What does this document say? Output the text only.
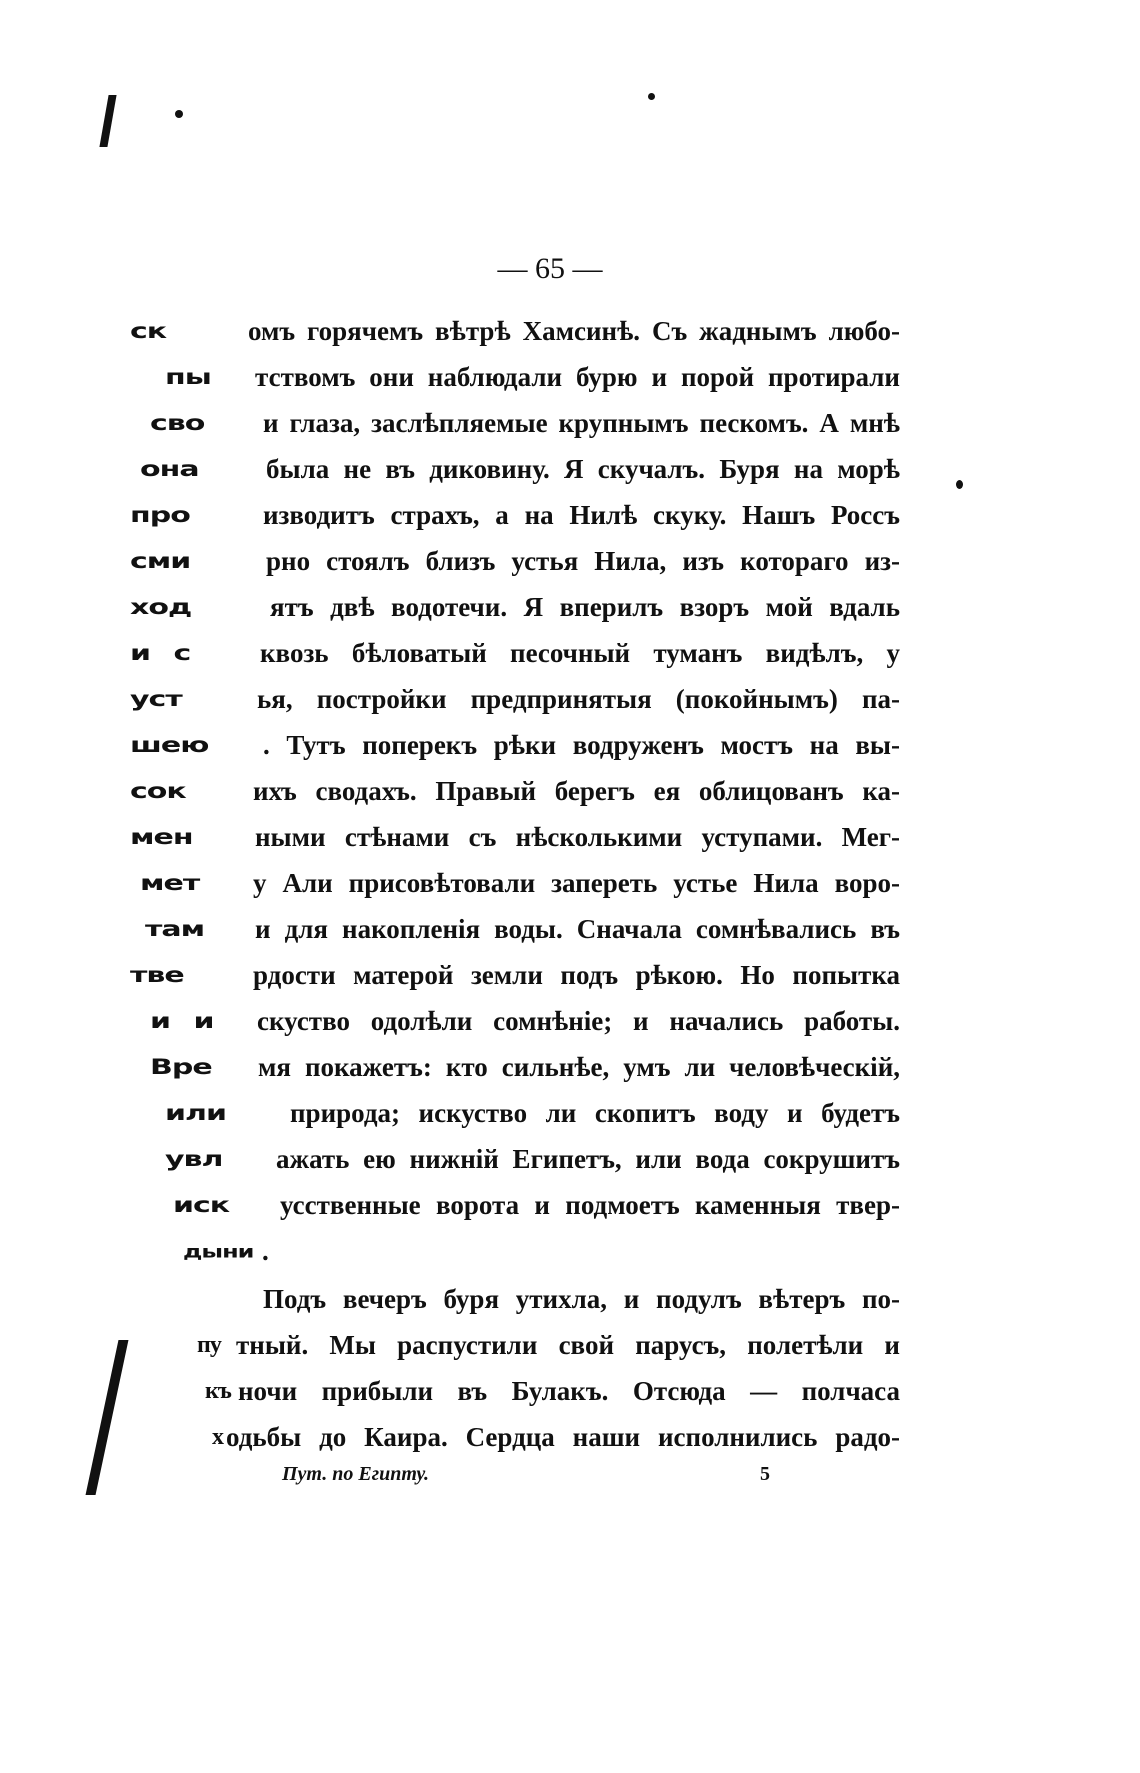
— 65 —
ск	омъ горячемъ вѣтрѣ Хамсинѣ. Съ жаднымъ любо-
пы тствомъ они наблюдали бурю и порой протирали
сво и глаза, заслѣпляемые крупнымъ пескомъ. А мнѣ
она была не въ диковину. Я скучалъ. Буря на морѣ
про	изводитъ страхъ, а на Нилѣ скуку. Нашъ Россъ
сми	рно стоялъ близъ устья Нила, изъ котораго из-
ход	ятъ двѣ водотечи. Я вперилъ взоръ мой вдаль
и с квозь бѣловатый песочный туманъ видѣлъ, у
уст	ья, постройки предпринятыя (покойнымъ) па-
шею . Тутъ поперекъ рѣки водруженъ мостъ на вы-
сок ихъ сводахъ. Правый берегъ ея облицованъ ка-
мен ными стѣнами съ нѣсколькими уступами. Мег-
мет у Али присовѣтовали запереть устье Нила воро-
там и для накопленія воды. Сначала сомнѣвались въ
тве	рдости матерой земли подъ рѣкою. Но попытка
и и скуство одолѣли сомнѣніе; и начались работы.
Вре мя покажетъ: кто сильнѣе, умъ ли человѣческій,
или природа; искуство ли скопитъ воду и будетъ
увл ажать ею нижній Египетъ, или вода сокрушитъ
иск усственные ворота и подмоетъ каменныя твер-
дыни .
Подъ вечеръ буря утихла, и подулъ вѣтеръ по-
пу тный. Мы распустили свой парусъ, полетѣли и
къ ночи прибыли въ Булакъ. Отсюда — полчаса
х одьбы до Каира. Сердца наши исполнились радо-
Пут. по Египту.	5
